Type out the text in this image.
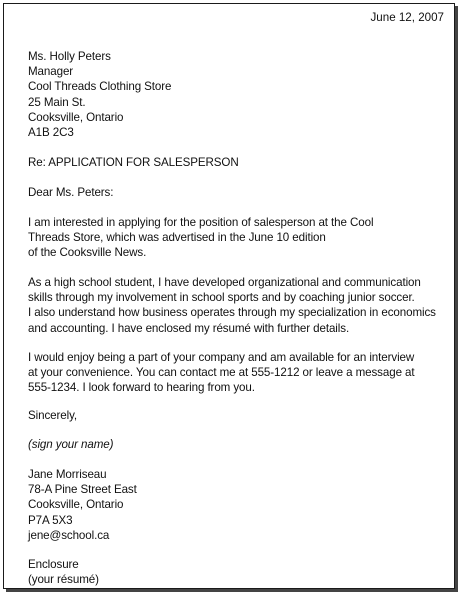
June 12, 2007
Ms. Holly Peters
Manager
Cool Threads Clothing Store
25 Main St.
Cooksville, Ontario
A1B 2C3
Re: APPLICATION FOR SALESPERSON
Dear Ms. Peters:
I am interested in applying for the position of salesperson at the Cool
Threads Store, which was advertised in the June 10 edition
of the Cooksville News.
As a high school student, I have developed organizational and communication
skills through my involvement in school sports and by coaching junior soccer.
I also understand how business operates through my specialization in economics
and accounting. I have enclosed my résumé with further details.
I would enjoy being a part of your company and am available for an interview
at your convenience. You can contact me at 555-1212 or leave a message at
555-1234. I look forward to hearing from you.
Sincerely,
(sign your name)
Jane Morriseau
78-A Pine Street East
Cooksville, Ontario
P7A 5X3
jene@school.ca
Enclosure
(your résumé)
